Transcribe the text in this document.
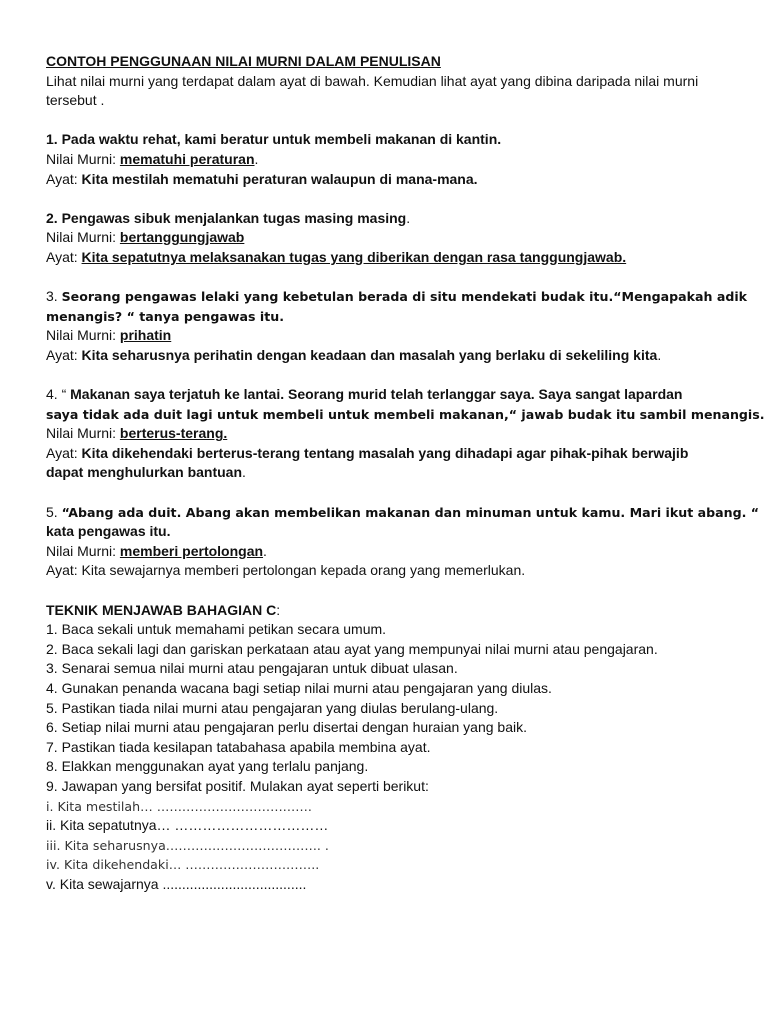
CONTOH PENGGUNAAN NILAI MURNI DALAM PENULISAN
Lihat nilai murni yang terdapat dalam ayat di bawah. Kemudian lihat ayat yang dibina daripada nilai murni
tersebut .
1. Pada waktu rehat, kami beratur untuk membeli makanan di kantin.
Nilai Murni: mematuhi peraturan.
Ayat: Kita mestilah mematuhi peraturan walaupun di mana-mana.
2. Pengawas sibuk menjalankan tugas masing masing.
Nilai Murni: bertanggungjawab
Ayat: Kita sepatutnya melaksanakan tugas yang diberikan dengan rasa tanggungjawab.
3. Seorang pengawas lelaki yang kebetulan berada di situ mendekati budak itu.“Mengapakah adik
menangis? “ tanya pengawas itu.
Nilai Murni: prihatin
Ayat: Kita seharusnya perihatin dengan keadaan dan masalah yang berlaku di sekeliling kita.
4. “ Makanan saya terjatuh ke lantai. Seorang murid telah terlanggar saya. Saya sangat lapardan
saya tidak ada duit lagi untuk membeli untuk membeli makanan,“ jawab budak itu sambil menangis.
Nilai Murni: berterus-terang.
Ayat: Kita dikehendaki berterus-terang tentang masalah yang dihadapi agar pihak-pihak berwajib
dapat menghulurkan bantuan.
5. “Abang ada duit. Abang akan membelikan makanan dan minuman untuk kamu. Mari ikut abang. “
kata pengawas itu.
Nilai Murni: memberi pertolongan.
Ayat: Kita sewajarnya memberi pertolongan kepada orang yang memerlukan.
TEKNIK MENJAWAB BAHAGIAN C:
1. Baca sekali untuk memahami petikan secara umum.
2. Baca sekali lagi dan gariskan perkataan atau ayat yang mempunyai nilai murni atau pengajaran.
3. Senarai semua nilai murni atau pengajaran untuk dibuat ulasan.
4. Gunakan penanda wacana bagi setiap nilai murni atau pengajaran yang diulas.
5. Pastikan tiada nilai murni atau pengajaran yang diulas berulang-ulang.
6. Setiap nilai murni atau pengajaran perlu disertai dengan huraian yang baik.
7. Pastikan tiada kesilapan tatabahasa apabila membina ayat.
8. Elakkan menggunakan ayat yang terlalu panjang.
9. Jawapan yang bersifat positif. Mulakan ayat seperti berikut:
i. Kita mestilah… ……………………………….
ii. Kita sepatutnya… ……………………………
iii. Kita seharusnya………………………………. .
iv. Kita dikehendaki… …………………………..
v. Kita sewajarnya .....................................
